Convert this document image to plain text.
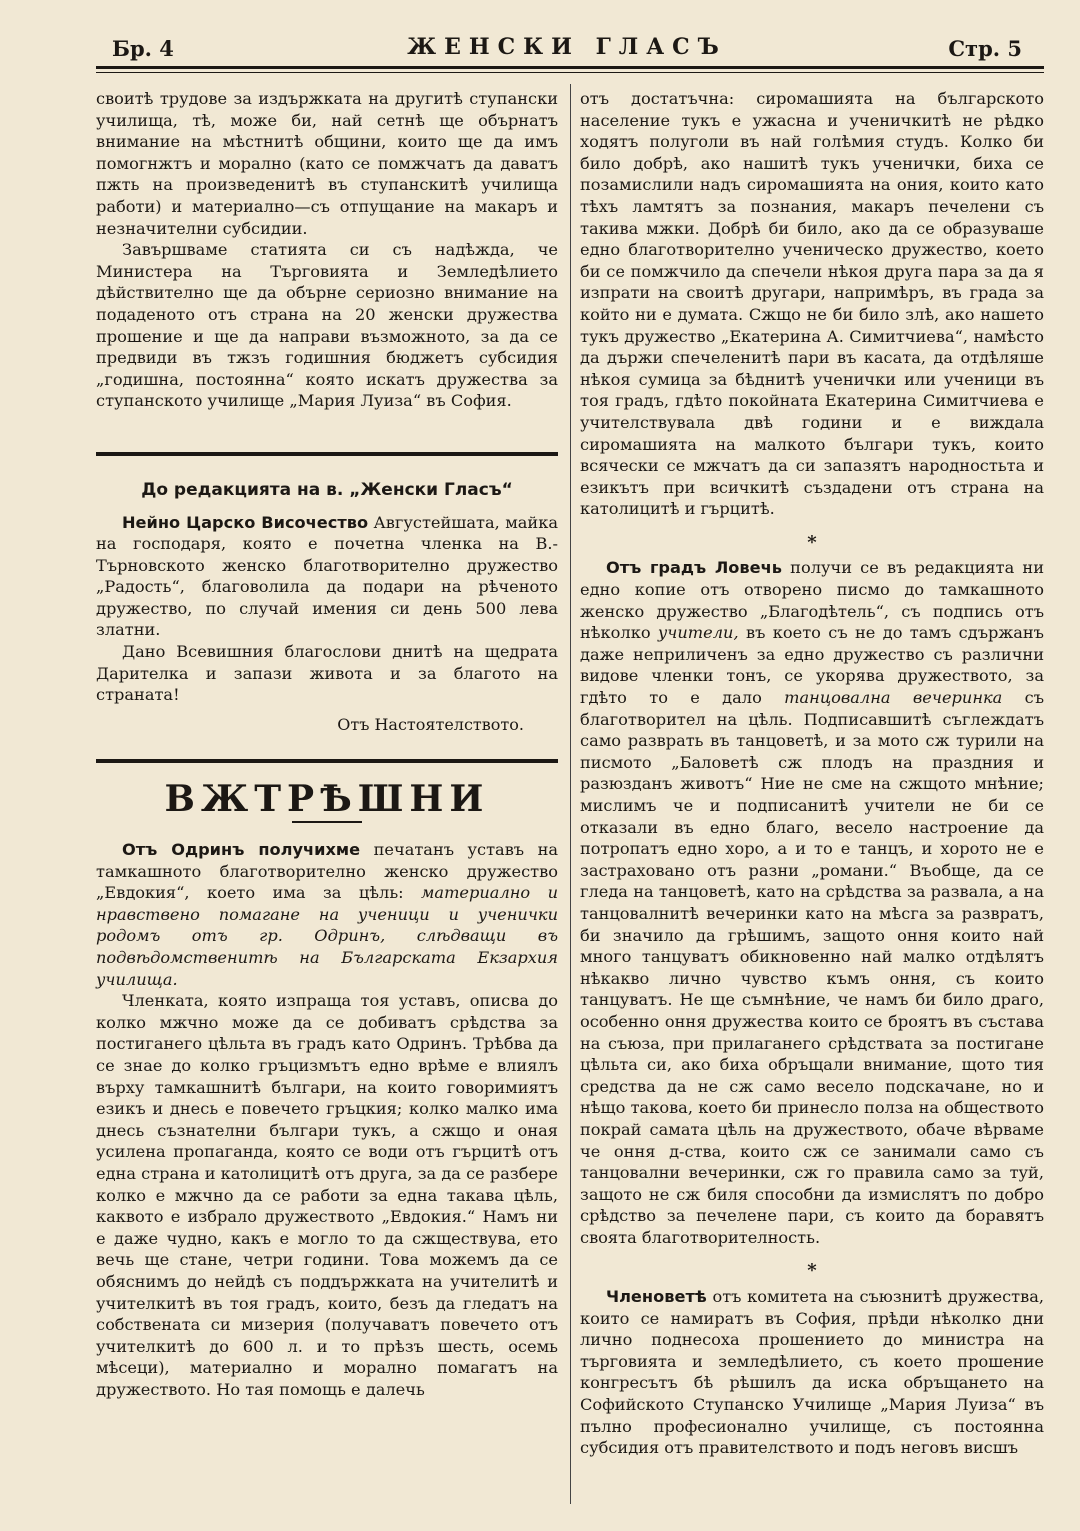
Бр. 4	ЖЕНСКИ ГЛАСЪ	Стр. 5

своитѣ трудове за издържката на другитѣ ступански училища, тѣ, може би, най сетнѣ ще обърнатъ внимание на мѣстнитѣ общини, които ще да имъ помогнжтъ и морално (като се помжчатъ да даватъ пжть на произведенитѣ въ ступанскитѣ училища работи) и материално—съ отпущание на макаръ и незначителни субсидии.

Завършваме статията си съ надѣжда, че Министера на Търговията и Земледѣлието дѣйствително ще да обърне сериозно внимание на подаденото отъ страна на 20 женски дружества прошение и ще да направи възможното, за да се предвиди въ тжзъ годишния бюджетъ субсидия „годишна, постоянна“ която искатъ дружества за ступанското училище „Мария Луиза“ въ София.

До редакцията на в. „Женски Гласъ“

Нейно Царско Височество Августейшата, майка на господаря, която е почетна членка на В.-Търновското женско благотворително дружество „Радость“, благоволила да подари на рѣченото дружество, по случай имения си день 500 лева златни.

Дано Всевишния благослови днитѣ на щедрата Дарителка и запази живота и за благото на страната!

Отъ Настоятелството.

ВЖТРѢШНИ

Отъ Одринъ получихме печатанъ уставъ на тамкашното благотворително женско дружество „Евдокия“, което има за цѣль: материално и нравствено помагане на ученици и ученички родомъ отъ гр. Одринъ, слѣдващи въ подвѣдомственитѣ на Българската Екзархия училища.

Членката, която изпраща тоя уставъ, описва до колко мжчно може да се добиватъ срѣдства за постиганего цѣльта въ градъ като Одринъ. Трѣбва да се знае до колко гръцизмътъ едно врѣме е влиялъ върху тамкашнитѣ българи, на които говоримиятъ езикъ и днесь е повечето гръцкия; колко малко има днесь съзнателни българи тукъ, а сжщо и оная усилена пропаганда, която се води отъ гърцитѣ отъ една страна и католицитѣ отъ друга, за да се разбере колко е мжчно да се работи за една такава цѣль, каквото е избрало дружеството „Евдокия.“ Намъ ни е даже чудно, какъ е могло то да сжществува, ето вечь ще стане, четри години. Това можемъ да се обяснимъ до нейдѣ съ поддържката на учителитѣ и учителкитѣ въ тоя градъ, които, безъ да гледатъ на собствената си мизерия (получаватъ повечето отъ учителкитѣ до 600 л. и то прѣзъ шесть, осемь мѣсеци), материално и морално помагатъ на дружеството. Но тая помощь е далечь

отъ достатъчна: сиромашията на българското население тукъ е ужасна и ученичкитѣ не рѣдко ходятъ полуголи въ най голѣмия студъ. Колко би било добрѣ, ако нашитѣ тукъ ученички, биха се позамислили надъ сиромашията на ония, които като тѣхъ ламтятъ за познания, макаръ печелени съ такива мжки. Добрѣ би било, ако да се образуваше едно благотворително ученическо дружество, което би се помжчило да спечели нѣкоя друга пара за да я изпрати на своитѣ другари, напримѣръ, въ града за който ни е думата. Сжщо не би било злѣ, ако нашето тукъ дружество „Екатерина А. Симитчиева“, намѣсто да държи спечеленитѣ пари въ касата, да отдѣляше нѣкоя сумица за бѣднитѣ ученички или ученици въ тоя градъ, гдѣто покойната Екатерина Симитчиева е учителствувала двѣ години и е виждала сиромашията на малкото българи тукъ, които всячески се мжчатъ да си запазятъ народностьта и езикътъ при всичкитѣ създадени отъ страна на католицитѣ и гърцитѣ.

*

Отъ градъ Ловечь получи се въ редакцията ни едно копие отъ отворено писмо до тамкашното женско дружество „Благодѣтель“, съ подпись отъ нѣколко учители, въ което съ не до тамъ сдържанъ даже неприличенъ за едно дружество съ различни видове членки тонъ, се укорява дружеството, за гдѣто то е дало танцовална вечеринка съ благотворител на цѣль. Подписавшитѣ съглеждатъ само разврать въ танцоветѣ, и за мото сж турили на писмото „Баловетѣ сж плодъ на праздния и разюзданъ животъ“ Ние не сме на сжщото мнѣние; мислимъ че и подписанитѣ учители не би се отказали въ едно благо, весело настроение да потропатъ едно хоро, а и то е танцъ, и хорото не е застраховано отъ разни „романи.“ Въобще, да се гледа на танцоветѣ, като на срѣдства за развала, а на танцовалнитѣ вечеринки като на мѣсга за развратъ, би значило да грѣшимъ, защото оння които най много танцуватъ обикновенно най малко отдѣлятъ нѣкакво лично чувство къмъ оння, съ които танцуватъ. Не ще съмнѣние, че намъ би било драго, особенно оння дружества които се броятъ въ състава на съюза, при прилаганего срѣдствата за постигане цѣльта си, ако биха обръщали внимание, щото тия средства да не сж само весело подскачане, но и нѣщо такова, което би принесло полза на обществото покрай самата цѣль на дружеството, обаче вѣрваме че оння д-ства, които сж се занимали само съ танцовални вечеринки, сж го правила само за туй, защото не сж биля способни да измислятъ по добро срѣдство за печелене пари, съ които да боравятъ своята благотворителность.

*

Членоветѣ отъ комитета на съюзнитѣ дружества, които се намиратъ въ София, прѣди нѣколко дни лично поднесоха прошението до министра на търговията и земледѣлието, съ което прошение конгресътъ бѣ рѣшилъ да иска обръщането на Софийското Ступанско Училище „Мария Луиза“ въ пълно професионално училище, съ постоянна субсидия отъ правителството и подъ неговъ висшъ
